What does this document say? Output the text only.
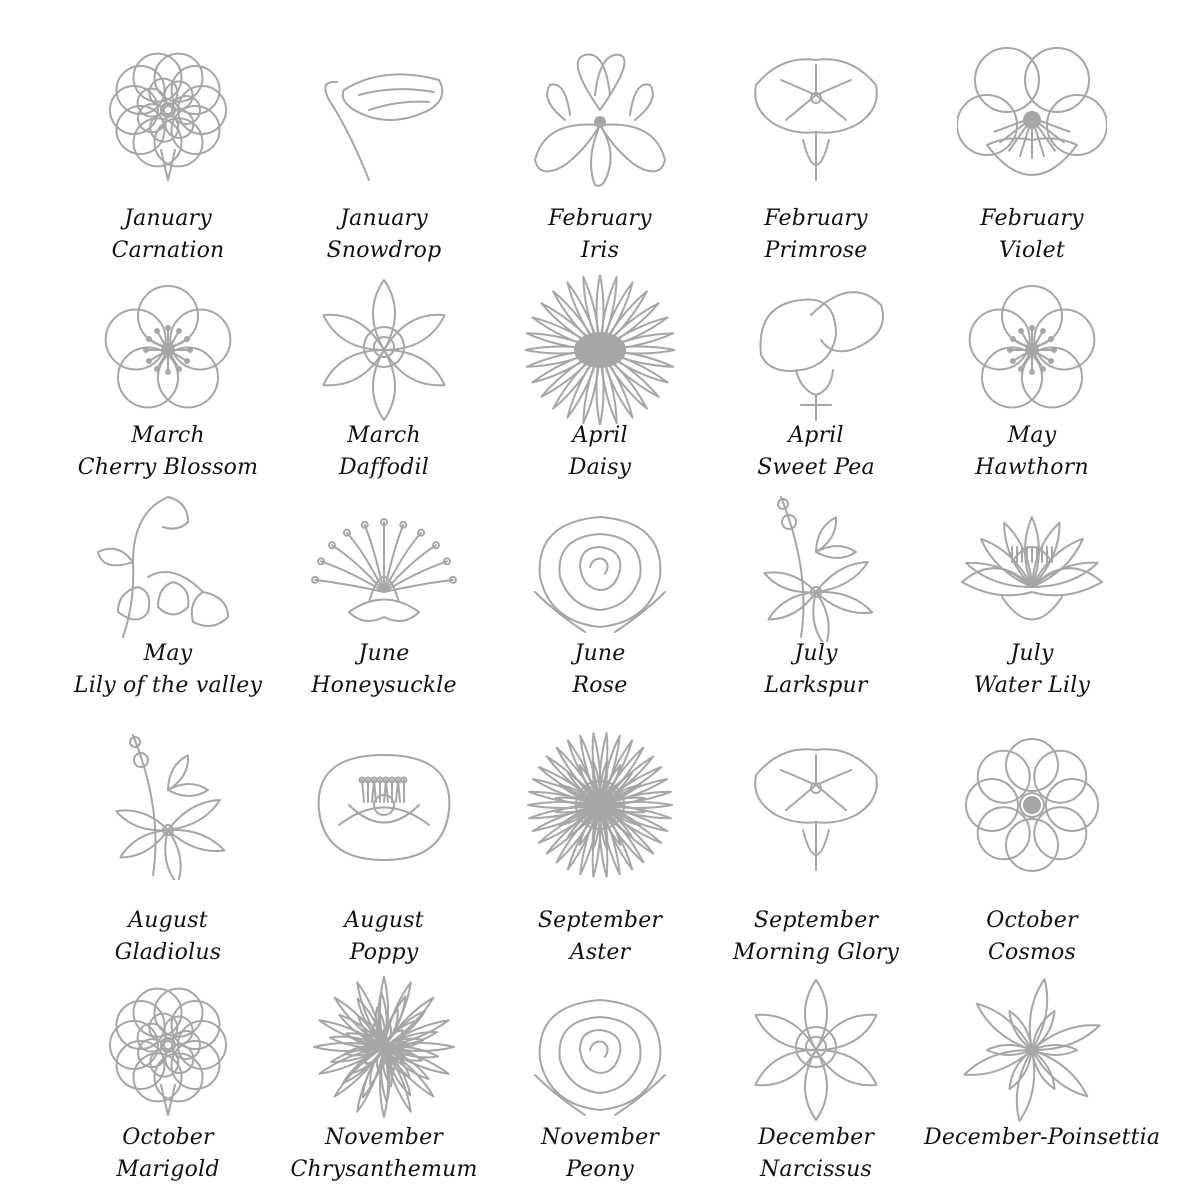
January
Carnation
January
Snowdrop
February
Iris
February
Primrose
February
Violet
March
Cherry Blossom
March
Daffodil
April
Daisy
April
Sweet Pea
May
Hawthorn
May
Lily of the valley
June
Honeysuckle
June
Rose
July
Larkspur
July
Water Lily
August
Gladiolus
August
Poppy
September
Aster
September
Morning Glory
October
Cosmos
October
Marigold
November
Chrysanthemum
November
Peony
December
Narcissus
December-Poinsettia
